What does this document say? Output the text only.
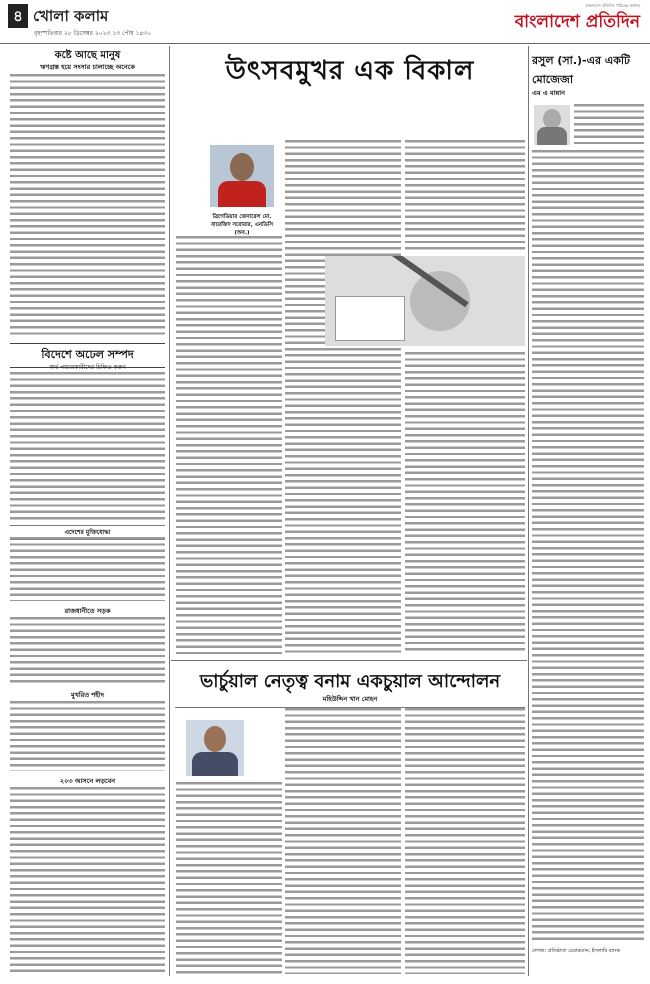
৪ খোলা কলাম
বৃহস্পতিবার ২৮ ডিসেম্বর ২০২৩ ১৩ পৌষ ১৪৩০
বাংলাদেশ প্রতিদিন পাঠকের কাগজ
বাংলাদেশ প্রতিদিন
কষ্টে আছে মানুষ
ঋণগ্রস্ত হয়ে সংসার চালাচ্ছে অনেকে
বিদেশে অঢেল সম্পদ
অর্থ পাচারকারীদের চিহ্নিত করুন
এদেশের মুক্তিযোদ্ধা
রাজধানীতে সড়ক
মুখরিত শহীদ
২০৩ আসনে লড়বেন
উৎসবমুখর এক বিকাল
ব্রিগেডিয়ার জেনারেল মো. বায়েজিদ সরোয়ার, এনডিসি (অব.)
ভার্চুয়াল নেতৃত্ব বনাম একচুয়াল আন্দোলন
মহিউদ্দিন খান মোহন
রসুল (সা.)-এর একটি মোজেজা
এম এ মান্নান
লেখক: প্রতিষ্ঠাতা চেয়ারম্যান, ইসলামি ব্যাংক
